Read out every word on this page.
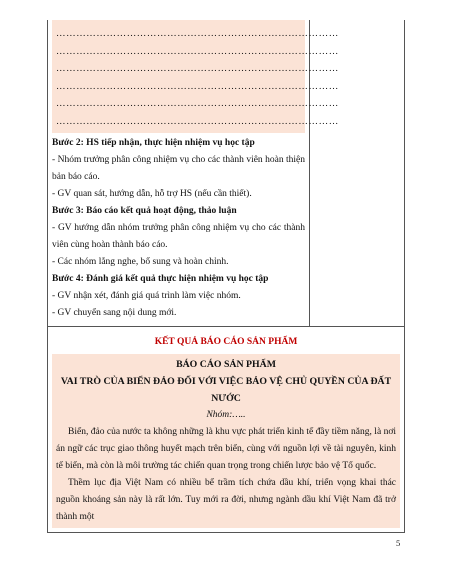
…………………………………………………………………………
…………………………………………………………………………
…………………………………………………………………………
…………………………………………………………………………
…………………………………………………………………………
…………………………………………………………………………

Bước 2: HS tiếp nhận, thực hiện nhiệm vụ học tập

- Nhóm trưởng phân công nhiệm vụ cho các thành viên hoàn thiện bản báo cáo.

- GV quan sát, hướng dẫn, hỗ trợ HS (nếu cần thiết).

Bước 3: Báo cáo kết quả hoạt động, thảo luận

- GV hướng dẫn nhóm trưởng phân công nhiệm vụ cho các thành viên cùng hoàn thành báo cáo.

- Các nhóm lắng nghe, bổ sung và hoàn chỉnh.

Bước 4: Đánh giá kết quả thực hiện nhiệm vụ học tập

- GV nhận xét, đánh giá quá trình làm việc nhóm.

- GV chuyển sang nội dung mới.

KẾT QUẢ BÁO CÁO SẢN PHẨM
BÁO CÁO SẢN PHẨM
VAI TRÒ CỦA BIỂN ĐẢO ĐỐI VỚI VIỆC BẢO VỆ CHỦ QUYỀN CỦA ĐẤT NƯỚC
Nhóm:…..

Biển, đảo của nước ta không những là khu vực phát triển kinh tế đầy tiềm năng, là nơi án ngữ các trục giao thông huyết mạch trên biển, cùng với nguồn lợi về tài nguyên, kinh tế biển, mà còn là môi trường tác chiến quan trọng trong chiến lược bảo vệ Tổ quốc.

Thềm lục địa Việt Nam có nhiều bể trầm tích chứa dầu khí, triển vọng khai thác nguồn khoáng sản này là rất lớn. Tuy mới ra đời, nhưng ngành dầu khí Việt Nam đã trở thành một

5
